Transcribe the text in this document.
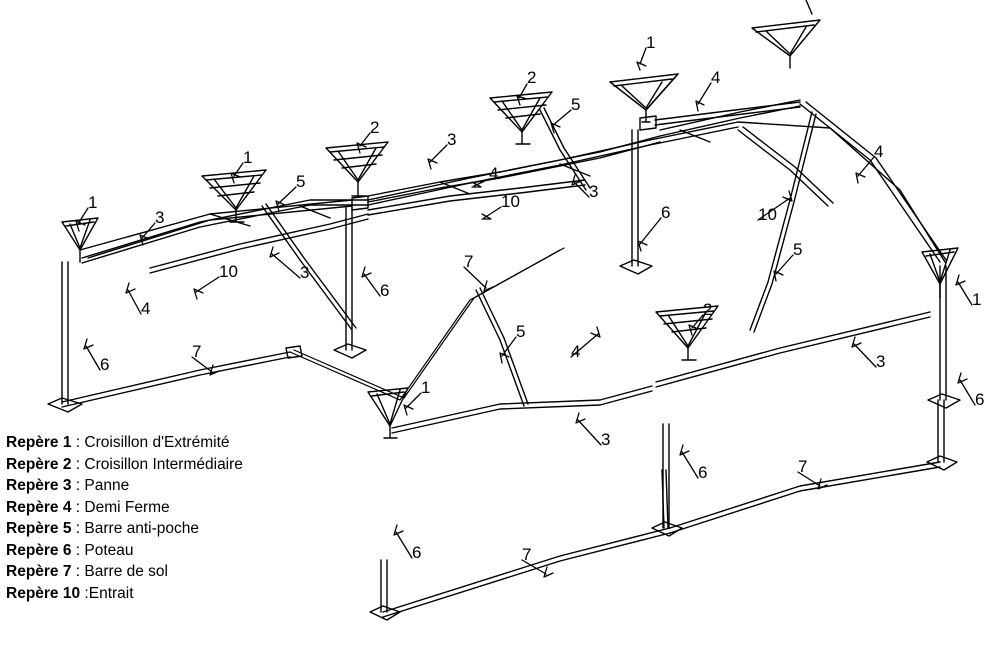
Repère 1 : Croisillon d'Extrémité
Repère 2 : Croisillon Intermédiaire
Repère 3 : Panne
Repère 4 : Demi Ferme
Repère 5 : Barre anti-poche
Repère 6 : Poteau
Repère 7 : Barre de sol
Repère 10 :Entrait
1
2	4
5
2
3
1	4
5	4
3
10
3
1
6	10
3
10
5
7
6
4	1
2
5
6
7	4
3
6
1
3
7
6
7
6
